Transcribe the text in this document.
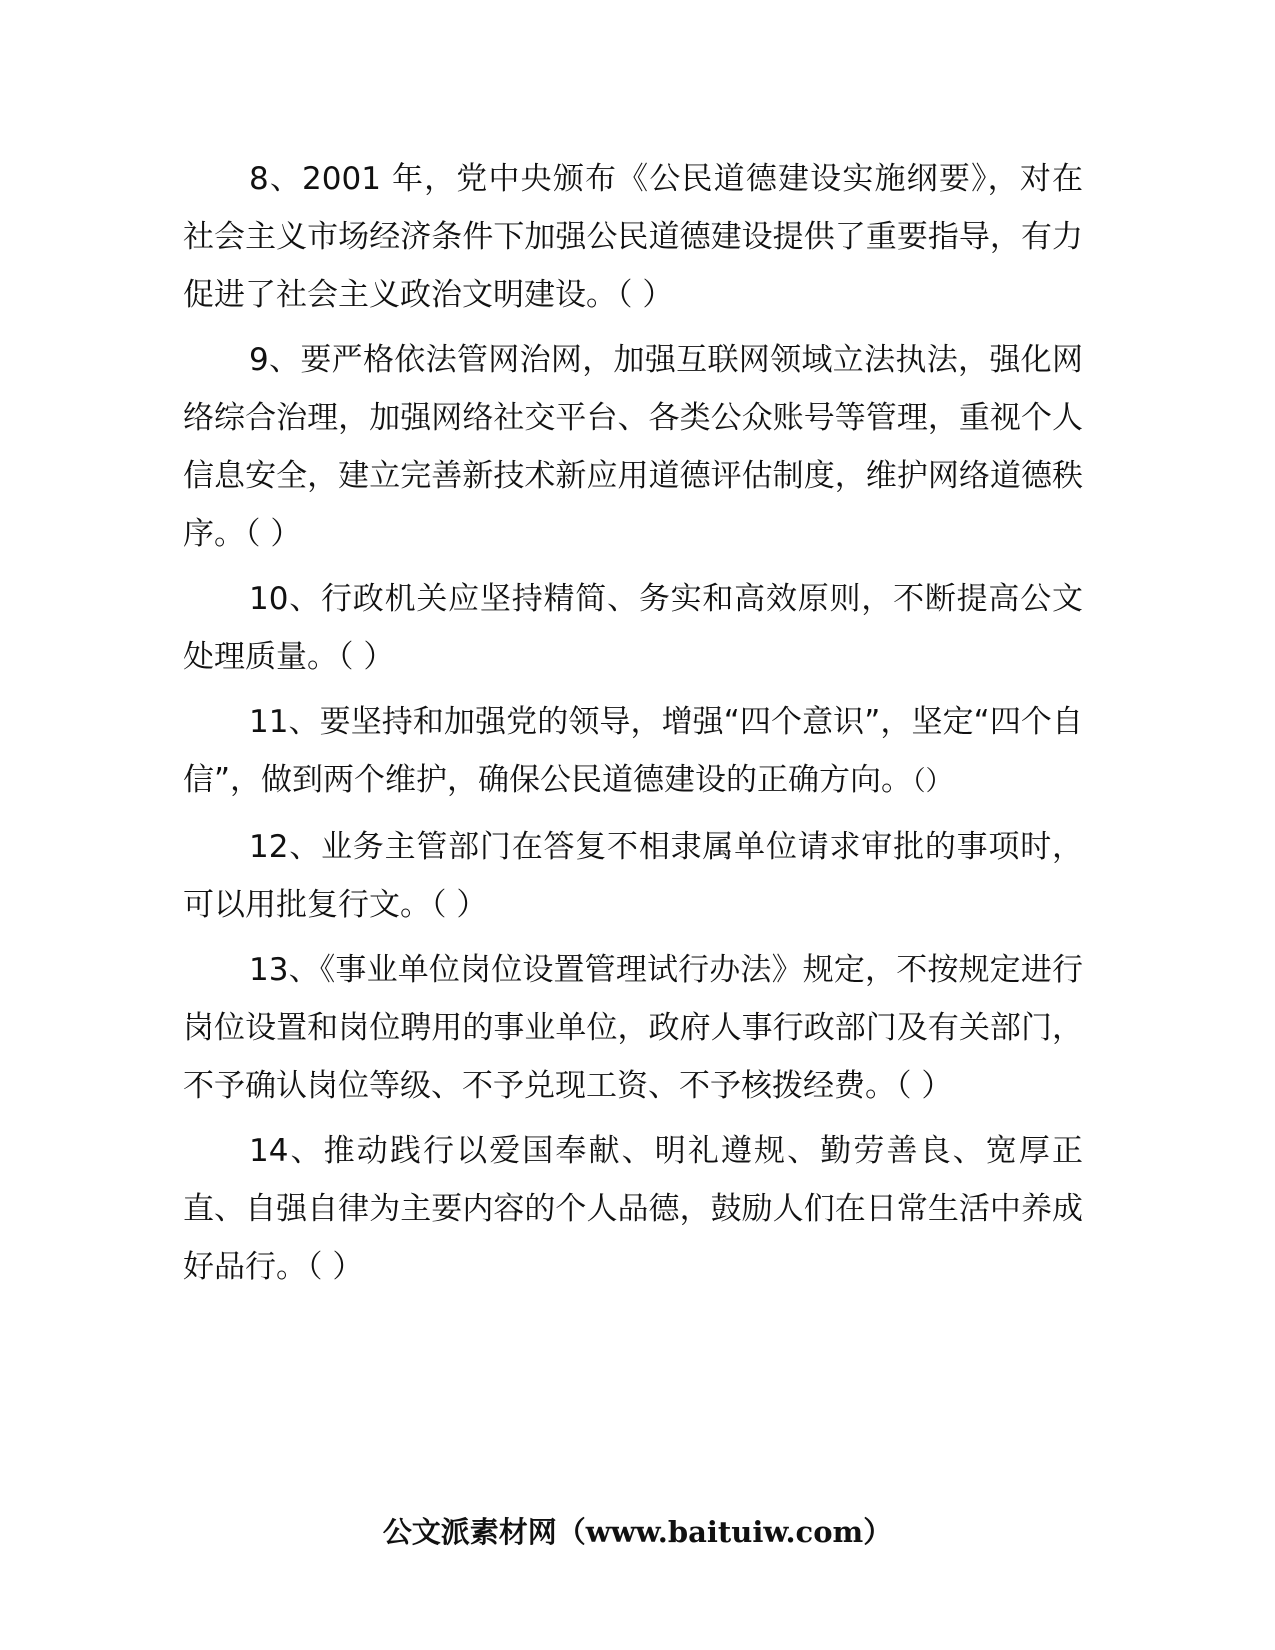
8、2001 年，党中央颁布《公民道德建设实施纲要》，对在社会主义市场经济条件下加强公民道德建设提供了重要指导，有力促进了社会主义政治文明建设。（ ）

9、要严格依法管网治网，加强互联网领域立法执法，强化网络综合治理，加强网络社交平台、各类公众账号等管理，重视个人信息安全，建立完善新技术新应用道德评估制度，维护网络道德秩序。（ ）

10、行政机关应坚持精简、务实和高效原则，不断提高公文处理质量。（ ）

11、要坚持和加强党的领导，增强“四个意识”，坚定“四个自信”，做到两个维护，确保公民道德建设的正确方向。（）

12、业务主管部门在答复不相隶属单位请求审批的事项时，可以用批复行文。（ ）

13、《事业单位岗位设置管理试行办法》规定，不按规定进行岗位设置和岗位聘用的事业单位，政府人事行政部门及有关部门，不予确认岗位等级、不予兑现工资、不予核拨经费。（ ）

14、推动践行以爱国奉献、明礼遵规、勤劳善良、宽厚正直、自强自律为主要内容的个人品德，鼓励人们在日常生活中养成好品行。（ ）

公文派素材网（www.baituiw.com）
